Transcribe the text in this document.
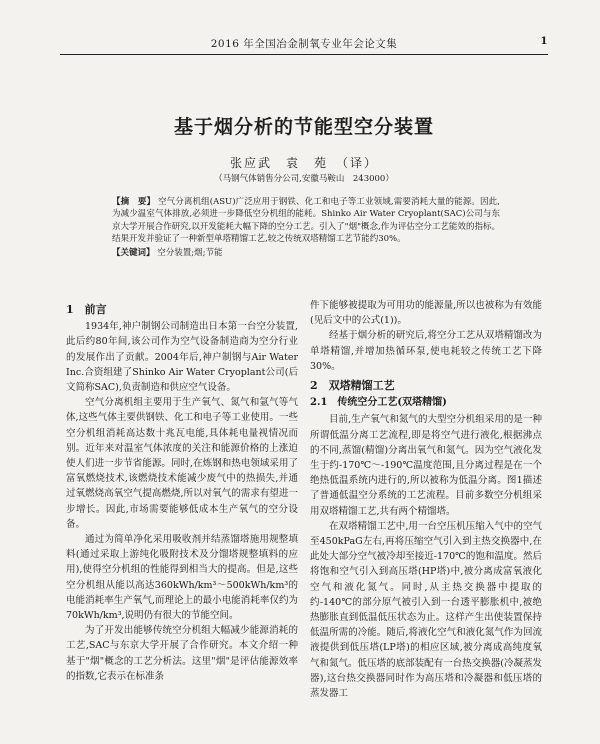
2016 年全国冶金制氧专业年会论文集	1
基于烟分析的节能型空分装置
张应武　袁　苑　（译）
（马钢气体销售分公司,安徽马鞍山　243000）
【摘　要】 空气分离机组(ASU)广泛应用于钢铁、化工和电子等工业领域,需要消耗大量的能源。因此,为减少温室气体排放,必须进一步降低空分机组的能耗。Shinko Air Water Cryoplant(SAC)公司与东京大学开展合作研究,以开发能耗大幅下降的空分工艺。引入了"烟"概念,作为评估空分工艺能效的指标。结果开发并验证了一种新型单塔精馏工艺,较之传统双塔精馏工艺节能约30%。
【关键词】 空分装置;烟;节能
1　前言

1934年,神户制钢公司制造出日本第一台空分装置,此后约80年间,该公司作为空气设备制造商为空分行业的发展作出了贡献。2004年后,神户制钢与Air Water Inc.合资组建了Shinko Air Water Cryoplant公司(后文简称SAC),负责制造和供应空气设备。

空气分离机组主要用于生产氧气、氮气和氩气等气体,这些气体主要供钢铁、化工和电子等工业使用。一些空分机组消耗高达数十兆瓦电能,具体耗电量视情况而别。近年来对温室气体浓度的关注和能源价格的上涨迫使人们进一步节省能源。同时,在炼钢和热电领域采用了富氧燃烧技术,该燃烧技术能减少废气中的热损失,并通过氧燃烧高氧空气提高燃烧,所以对氧气的需求有望进一步增长。因此,市场需要能够低成本生产氧气的空分设备。

通过为简单净化采用吸收剂并结蒸馏塔施用规整填料(通过采取上游纯化吸附技术及分馏塔规整填料的应用),使得空分机组的性能得到相当大的提高。但是,这些空分机组从能以高达360kWh/km³～500kWh/km³的电能消耗率生产氧气,而理论上的最小电能消耗率仅约为70kWh/km³,说明仍有很大的节能空间。

为了开发出能够传统空分机组大幅减少能源消耗的工艺,SAC与东京大学开展了合作研究。本文介绍一种基于"烟"概念的工艺分析法。这里"烟"是评估能源效率的指数,它表示在标准条

件下能够被提取为可用功的能源量,所以也被称为有效能(见后文中的公式(1))。

经基于烟分析的研究后,将空分工艺从双塔精馏改为单塔精馏,并增加热循环泵,使电耗较之传统工艺下降30%。

2　双塔精馏工艺
2.1　传统空分工艺(双塔精馏)

目前,生产氧气和氮气的大型空分机组采用的是一种所谓低温分离工艺流程,即是将空气进行液化,根据沸点的不同,蒸馏(精馏)分离出氧气和氮气。因为空气液化发生于约-170℃～-190℃温度范围,且分离过程是在一个绝热低温系统内进行的,所以被称为低温分离。图1描述了普通低温空分系统的工艺流程。目前多数空分机组采用双塔精馏工艺,共有两个精馏塔。

在双塔精馏工艺中,用一台空压机压缩入气中的空气至450kPaG左右,再将压缩空气引入到主热交换器中,在此处大部分空气被冷却至接近-170℃的饱和温度。然后将饱和空气引入到高压塔(HP塔)中,被分离成富氧液化空气和液化氮气。同时,从主热交换器中提取的约-140℃的部分原气被引入到一台透平膨胀机中,被绝热膨胀直到低温低压状态为止。这样产生出使装置保持低温所需的冷能。随后,将液化空气和液化氮气作为回流液提供到低压塔(LP塔)的相应区域,被分离成高纯度氧气和氮气。低压塔的底部装配有一台热交换器(冷凝蒸发器),这台热交换器同时作为高压塔和冷凝器和低压塔的蒸发器工
